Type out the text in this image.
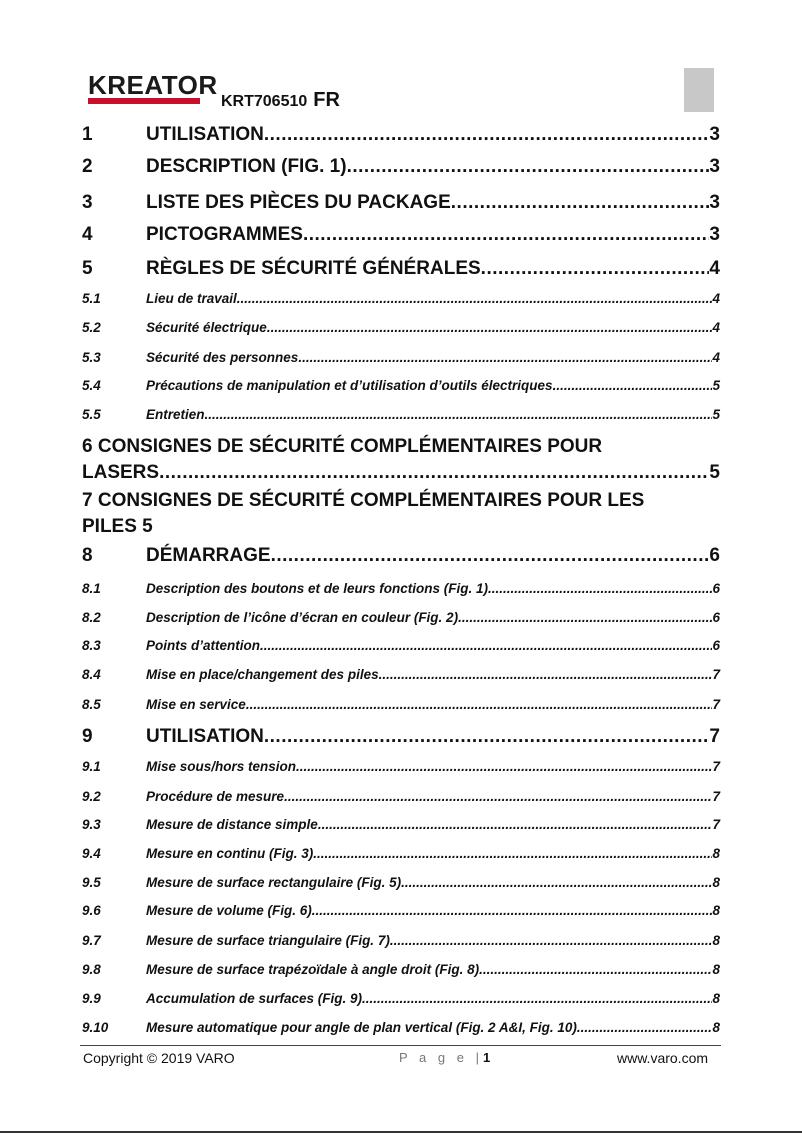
KREATOR
KRT706510 FR
1	UTILISATION .....	3
2	DESCRIPTION (FIG. 1) .....	3
3	LISTE DES PIÈCES DU PACKAGE .....	3
4	PICTOGRAMMES .....	3
5	RÈGLES DE SÉCURITÉ GÉNÉRALES .....	4
5.1	Lieu de travail .....	4
5.2	Sécurité électrique .....	4
5.3	Sécurité des personnes .....	4
5.4	Précautions de manipulation et d’utilisation d’outils électriques .....	5
5.5	Entretien .....	5
6 CONSIGNES DE SÉCURITÉ COMPLÉMENTAIRES POUR
LASERS .....	5
7 CONSIGNES DE SÉCURITÉ COMPLÉMENTAIRES POUR LES
PILES 5
8	DÉMARRAGE .....	6
8.1	Description des boutons et de leurs fonctions (Fig. 1) .....	6
8.2	Description de l’icône d’écran en couleur (Fig. 2) .....	6
8.3	Points d’attention .....	6
8.4	Mise en place/changement des piles .....	7
8.5	Mise en service .....	7
9	UTILISATION .....	7
9.1	Mise sous/hors tension .....	7
9.2	Procédure de mesure .....	7
9.3	Mesure de distance simple .....	7
9.4	Mesure en continu (Fig. 3) .....	8
9.5	Mesure de surface rectangulaire (Fig. 5) .....	8
9.6	Mesure de volume (Fig. 6) .....	8
9.7	Mesure de surface triangulaire (Fig. 7) .....	8
9.8	Mesure de surface trapézoïdale à angle droit (Fig. 8) .....	8
9.9	Accumulation de surfaces (Fig. 9) .....	8
9.10	Mesure automatique pour angle de plan vertical (Fig. 2 A&I, Fig. 10) .....	8
Copyright © 2019 VARO	P a g e |1	www.varo.com
